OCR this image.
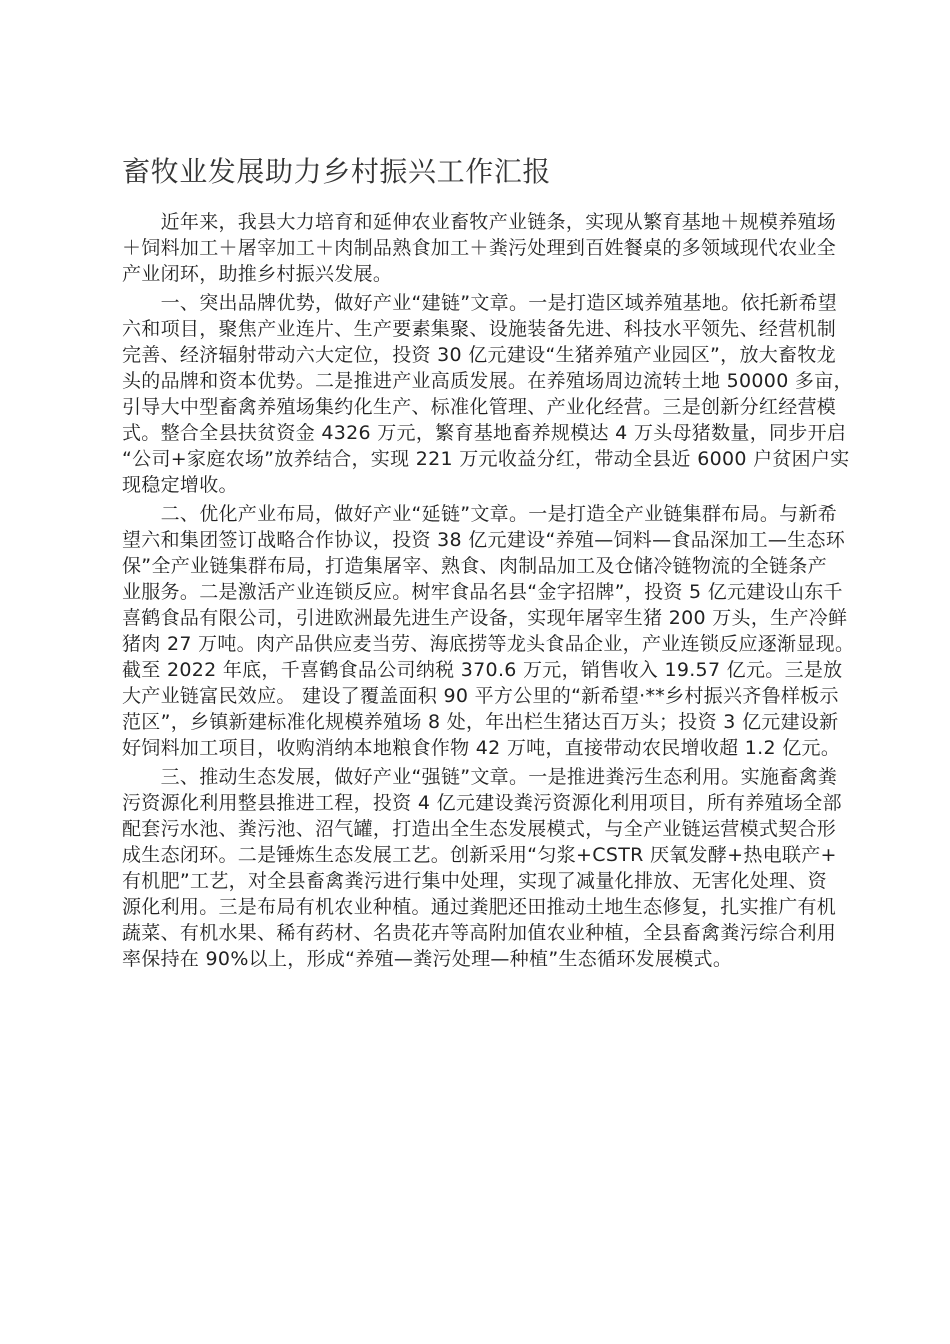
畜牧业发展助力乡村振兴工作汇报
近年来，我县大力培育和延伸农业畜牧产业链条，实现从繁育基地＋规模养殖场
＋饲料加工＋屠宰加工＋肉制品熟食加工＋粪污处理到百姓餐桌的多领域现代农业全
产业闭环，助推乡村振兴发展。
一、突出品牌优势，做好产业“建链”文章。一是打造区域养殖基地。依托新希望
六和项目，聚焦产业连片、生产要素集聚、设施装备先进、科技水平领先、经营机制
完善、经济辐射带动六大定位，投资 30 亿元建设“生猪养殖产业园区”，放大畜牧龙
头的品牌和资本优势。二是推进产业高质发展。在养殖场周边流转土地 50000 多亩，
引导大中型畜禽养殖场集约化生产、标准化管理、产业化经营。三是创新分红经营模
式。整合全县扶贫资金 4326 万元，繁育基地畜养规模达 4 万头母猪数量，同步开启
“公司+家庭农场”放养结合，实现 221 万元收益分红，带动全县近 6000 户贫困户实
现稳定增收。
二、优化产业布局，做好产业“延链”文章。一是打造全产业链集群布局。与新希
望六和集团签订战略合作协议，投资 38 亿元建设“养殖—饲料—食品深加工—生态环
保”全产业链集群布局，打造集屠宰、熟食、肉制品加工及仓储冷链物流的全链条产
业服务。二是激活产业连锁反应。树牢食品名县“金字招牌”，投资 5 亿元建设山东千
喜鹤食品有限公司，引进欧洲最先进生产设备，实现年屠宰生猪 200 万头，生产冷鲜
猪肉 27 万吨。肉产品供应麦当劳、海底捞等龙头食品企业，产业连锁反应逐渐显现。
截至 2022 年底，千喜鹤食品公司纳税 370.6 万元，销售收入 19.57 亿元。三是放
大产业链富民效应。 建设了覆盖面积 90 平方公里的“新希望·**乡村振兴齐鲁样板示
范区”，乡镇新建标准化规模养殖场 8 处，年出栏生猪达百万头；投资 3 亿元建设新
好饲料加工项目，收购消纳本地粮食作物 42 万吨，直接带动农民增收超 1.2 亿元。
三、推动生态发展，做好产业“强链”文章。一是推进粪污生态利用。实施畜禽粪
污资源化利用整县推进工程，投资 4 亿元建设粪污资源化利用项目，所有养殖场全部
配套污水池、粪污池、沼气罐，打造出全生态发展模式，与全产业链运营模式契合形
成生态闭环。二是锤炼生态发展工艺。创新采用“匀浆+CSTR 厌氧发酵+热电联产+
有机肥”工艺，对全县畜禽粪污进行集中处理，实现了减量化排放、无害化处理、资
源化利用。三是布局有机农业种植。通过粪肥还田推动土地生态修复，扎实推广有机
蔬菜、有机水果、稀有药材、名贵花卉等高附加值农业种植，全县畜禽粪污综合利用
率保持在 90%以上，形成“养殖—粪污处理—种植”生态循环发展模式。
